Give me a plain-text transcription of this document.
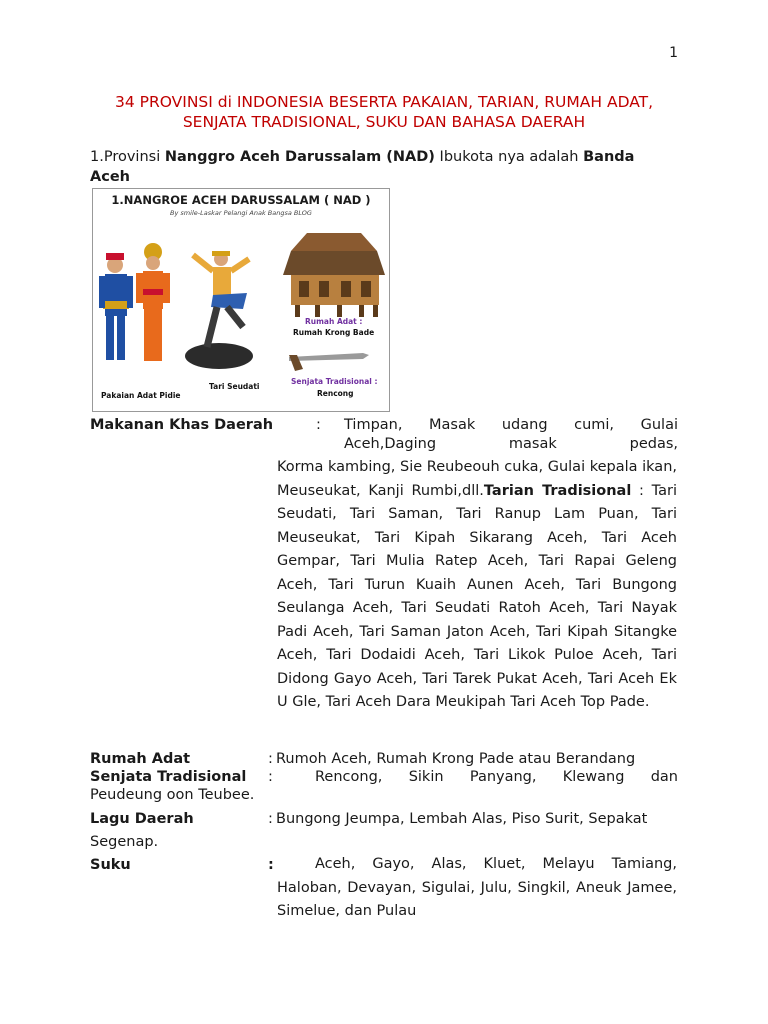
1
34 PROVINSI di INDONESIA BESERTA PAKAIAN, TARIAN, RUMAH ADAT, SENJATA TRADISIONAL, SUKU DAN BAHASA DAERAH
1.Provinsi Nanggro Aceh Darussalam (NAD) Ibukota nya adalah Banda Aceh
1.NANGROE ACEH DARUSSALAM ( NAD )
By smile-Laskar Pelangi Anak Bangsa BLOG
Pakaian Adat Pidie
Tari Seudati
Rumah Adat :
Rumah Krong Bade
Senjata Tradisional :
Rencong
Makanan Khas Daerah	: Timpan, Masak udang cumi, Gulai Aceh,Daging masak pedas,
Korma kambing, Sie Reubeouh cuka, Gulai kepala ikan, Meuseukat, Kanji Rumbi,dll.Tarian Tradisional : Tari Seudati, Tari Saman, Tari Ranup Lam Puan, Tari Meuseukat, Tari Kipah Sikarang Aceh, Tari Aceh Gempar, Tari Mulia Ratep Aceh, Tari Rapai Geleng Aceh, Tari Turun Kuaih Aunen Aceh, Tari Bungong Seulanga Aceh, Tari Seudati Ratoh Aceh, Tari Nayak Padi Aceh, Tari Saman Jaton Aceh, Tari Kipah Sitangke Aceh, Tari Dodaidi Aceh, Tari Likok Puloe Aceh, Tari Didong Gayo Aceh, Tari Tarek Pukat Aceh, Tari Aceh Ek U Gle, Tari Aceh Dara Meukipah Tari Aceh Top Pade.
Rumah Adat	: Rumoh Aceh, Rumah Krong Pade atau Berandang
Senjata Tradisional :	Rencong, Sikin Panyang, Klewang dan
Peudeung oon Teubee.
Lagu Daerah	: Bungong Jeumpa, Lembah Alas, Piso Surit, Sepakat
Segenap.
Suku	:	Aceh, Gayo, Alas, Kluet, Melayu Tamiang, Haloban, Devayan, Sigulai, Julu, Singkil, Aneuk Jamee, Simelue, dan Pulau
